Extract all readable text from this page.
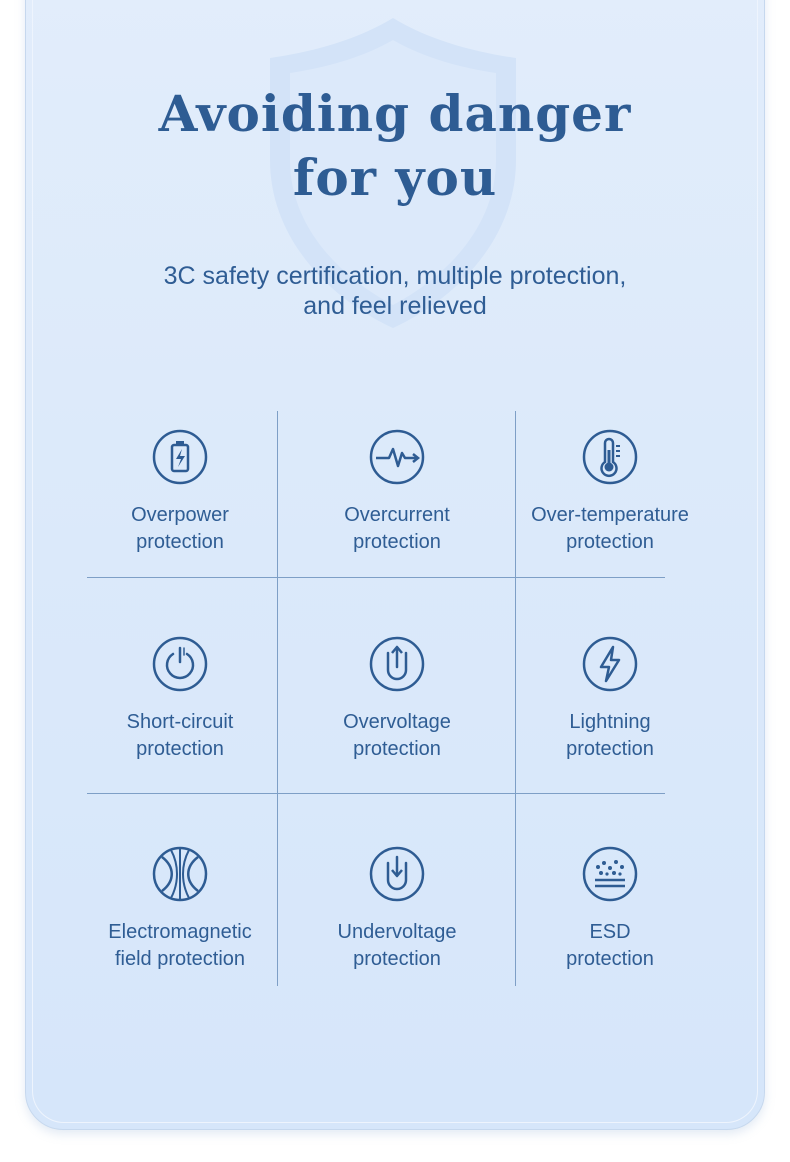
Avoiding danger
for you
3C safety certification, multiple protection,
and feel relieved
Overpower
protection
Overcurrent
protection
Over-temperature
protection
Short-circuit
protection
Overvoltage
protection
Lightning
protection
Electromagnetic
field protection
Undervoltage
protection
ESD
protection
